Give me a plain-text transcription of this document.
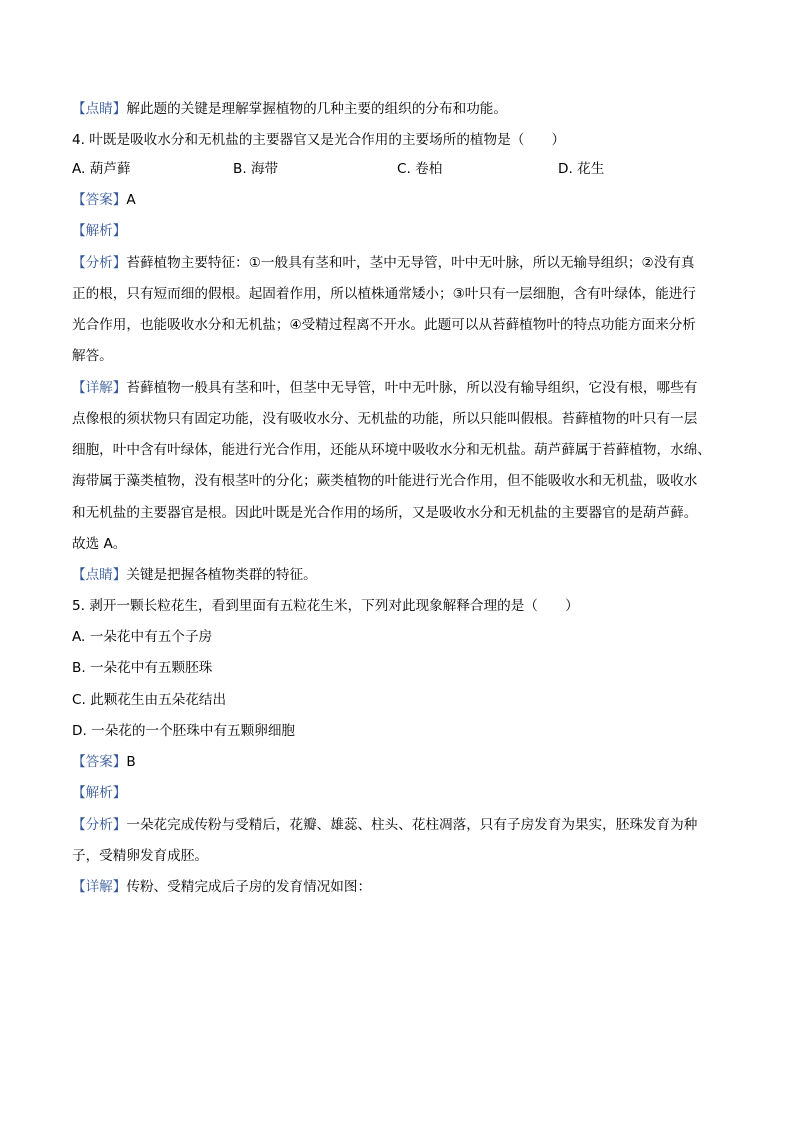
【点睛】解此题的关键是理解掌握植物的几种主要的组织的分布和功能。
4. 叶既是吸收水分和无机盐的主要器官又是光合作用的主要场所的植物是（　　）
【答案】A
【解析】
【分析】苔藓植物主要特征：①一般具有茎和叶，茎中无导管，叶中无叶脉，所以无输导组织；②没有真
正的根，只有短而细的假根。起固着作用，所以植株通常矮小；③叶只有一层细胞，含有叶绿体，能进行
光合作用，也能吸收水分和无机盐；④受精过程离不开水。此题可以从苔藓植物叶的特点功能方面来分析
解答。
【详解】苔藓植物一般具有茎和叶，但茎中无导管，叶中无叶脉，所以没有输导组织，它没有根，哪些有
点像根的须状物只有固定功能，没有吸收水分、无机盐的功能，所以只能叫假根。苔藓植物的叶只有一层
细胞，叶中含有叶绿体，能进行光合作用，还能从环境中吸收水分和无机盐。葫芦藓属于苔藓植物，水绵、
海带属于藻类植物，没有根茎叶的分化；蕨类植物的叶能进行光合作用，但不能吸收水和无机盐，吸收水
和无机盐的主要器官是根。因此叶既是光合作用的场所，又是吸收水分和无机盐的主要器官的是葫芦藓。
故选 A。
【点睛】关键是把握各植物类群的特征。
5. 剥开一颗长粒花生，看到里面有五粒花生米，下列对此现象解释合理的是（　　）
A. 一朵花中有五个子房
B. 一朵花中有五颗胚珠
C. 此颗花生由五朵花结出
D. 一朵花的一个胚珠中有五颗卵细胞
【答案】B
【解析】
【分析】一朵花完成传粉与受精后，花瓣、雄蕊、柱头、花柱凋落，只有子房发育为果实，胚珠发育为种
子，受精卵发育成胚。
【详解】传粉、受精完成后子房的发育情况如图：
A. 葫芦藓	B. 海带	C. 卷柏	D. 花生
